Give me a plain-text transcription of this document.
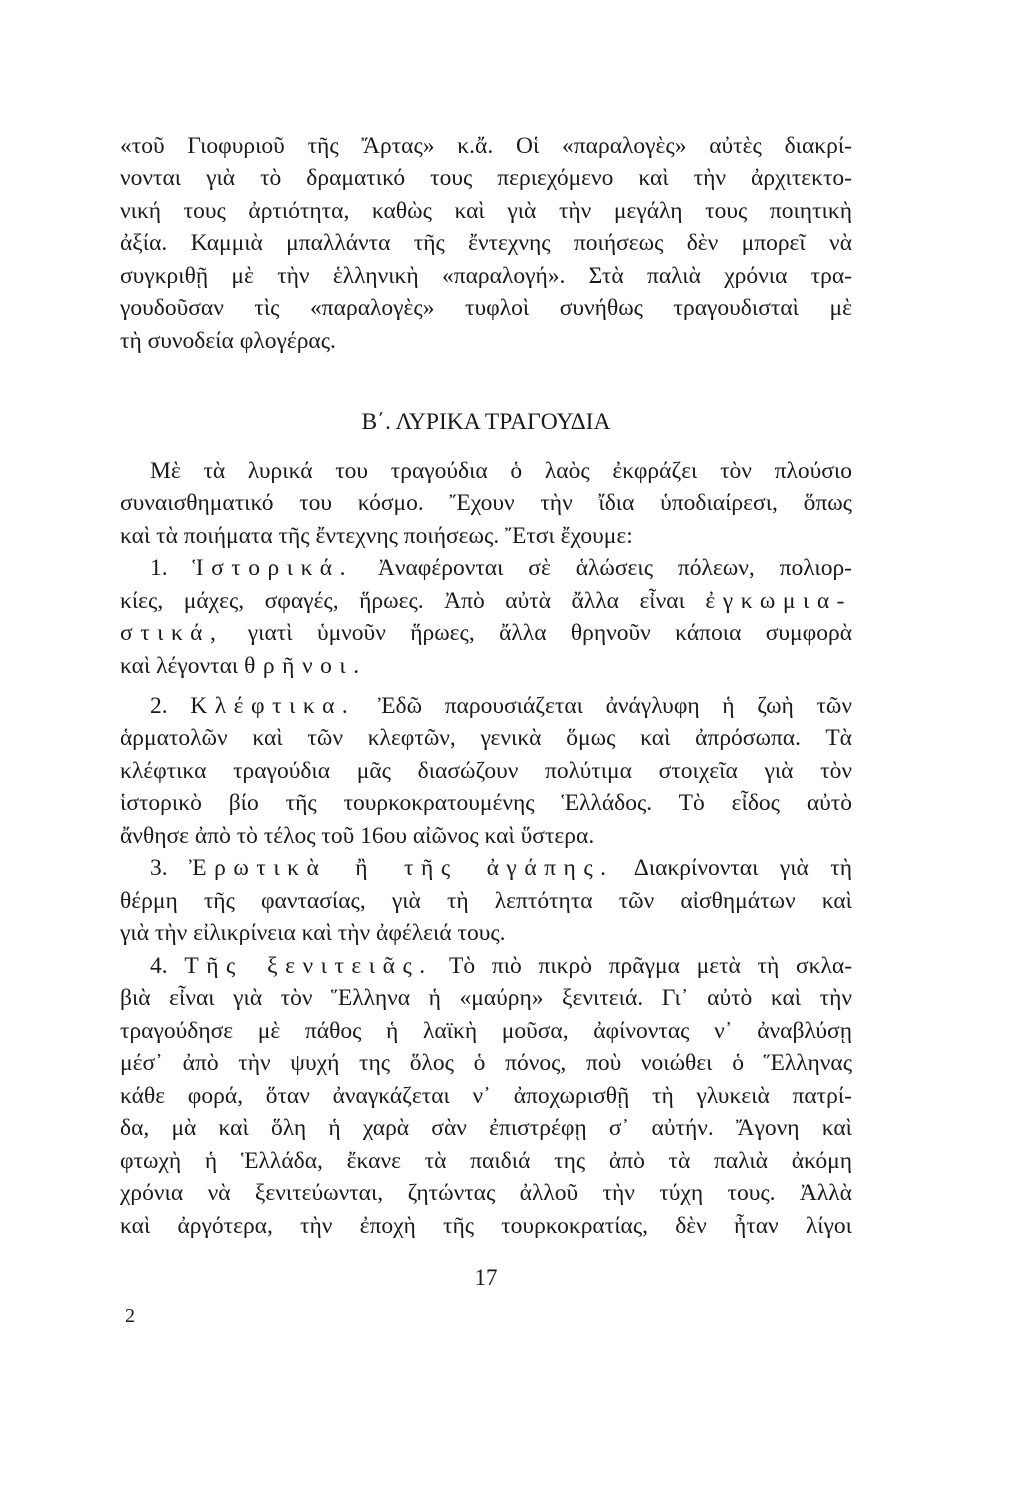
«τοῦ Γιοφυριοῦ τῆς Ἄρτας» κ.ἄ. Οἱ «παραλογὲς» αὐτὲς διακρί-
νονται γιὰ τὸ δραματικό τους περιεχόμενο καὶ τὴν ἀρχιτεκτο-
νική τους ἀρτιότητα, καθὼς καὶ γιὰ τὴν μεγάλη τους ποιητικὴ
ἀξία. Καμμιὰ μπαλλάντα τῆς ἔντεχνης ποιήσεως δὲν μπορεῖ νὰ
συγκριθῇ μὲ τὴν ἑλληνικὴ «παραλογή». Στὰ παλιὰ χρόνια τρα-
γουδοῦσαν τὶς «παραλογὲς» τυφλοὶ συνήθως τραγουδισταὶ μὲ
τὴ συνοδεία φλογέρας.
Β΄. ΛΥΡΙΚΑ ΤΡΑΓΟΥΔΙΑ
Μὲ τὰ λυρικά του τραγούδια ὁ λαὸς ἐκφράζει τὸν πλούσιο
συναισθηματικό του κόσμο. Ἔχουν τὴν ἴδια ὑποδιαίρεσι, ὅπως
καὶ τὰ ποιήματα τῆς ἔντεχνης ποιήσεως. Ἔτσι ἔχουμε:
1. Ἱστορικά. Ἀναφέρονται σὲ ἁλώσεις πόλεων, πολιορ-
κίες, μάχες, σφαγές, ἥρωες. Ἀπὸ αὐτὰ ἄλλα εἶναι ἐγκωμια-
στικά, γιατὶ ὑμνοῦν ἥρωες, ἄλλα θρηνοῦν κάποια συμφορὰ
καὶ λέγονται θρῆνοι.
2. Κλέφτικα. Ἐδῶ παρουσιάζεται ἀνάγλυφη ἡ ζωὴ τῶν
ἁρματολῶν καὶ τῶν κλεφτῶν, γενικὰ ὅμως καὶ ἀπρόσωπα. Τὰ
κλέφτικα τραγούδια μᾶς διασώζουν πολύτιμα στοιχεῖα γιὰ τὸν
ἱστορικὸ βίο τῆς τουρκοκρατουμένης Ἑλλάδος. Τὸ εἶδος αὐτὸ
ἄνθησε ἀπὸ τὸ τέλος τοῦ 16ου αἰῶνος καὶ ὕστερα.
3. Ἐρωτικὰ ἢ τῆς ἀγάπης. Διακρίνονται γιὰ τὴ
θέρμη τῆς φαντασίας, γιὰ τὴ λεπτότητα τῶν αἰσθημάτων καὶ
γιὰ τὴν εἰλικρίνεια καὶ τὴν ἀφέλειά τους.
4. Τῆς ξενιτειᾶς. Τὸ πιὸ πικρὸ πρᾶγμα μετὰ τὴ σκλα-
βιὰ εἶναι γιὰ τὸν Ἕλληνα ἡ «μαύρη» ξενιτειά. Γι᾽ αὐτὸ καὶ τὴν
τραγούδησε μὲ πάθος ἡ λαϊκὴ μοῦσα, ἀφίνοντας ν᾽ ἀναβλύσῃ
μέσ᾽ ἀπὸ τὴν ψυχή της ὅλος ὁ πόνος, ποὺ νοιώθει ὁ Ἕλληνας
κάθε φορά, ὅταν ἀναγκάζεται ν᾽ ἀποχωρισθῇ τὴ γλυκειὰ πατρί-
δα, μὰ καὶ ὅλη ἡ χαρὰ σὰν ἐπιστρέφῃ σ᾽ αὐτήν. Ἄγονη καὶ
φτωχὴ ἡ Ἑλλάδα, ἔκανε τὰ παιδιά της ἀπὸ τὰ παλιὰ ἀκόμη
χρόνια νὰ ξενιτεύωνται, ζητώντας ἀλλοῦ τὴν τύχη τους. Ἀλλὰ
καὶ ἀργότερα, τὴν ἐποχὴ τῆς τουρκοκρατίας, δὲν ἦταν λίγοι
17
2
